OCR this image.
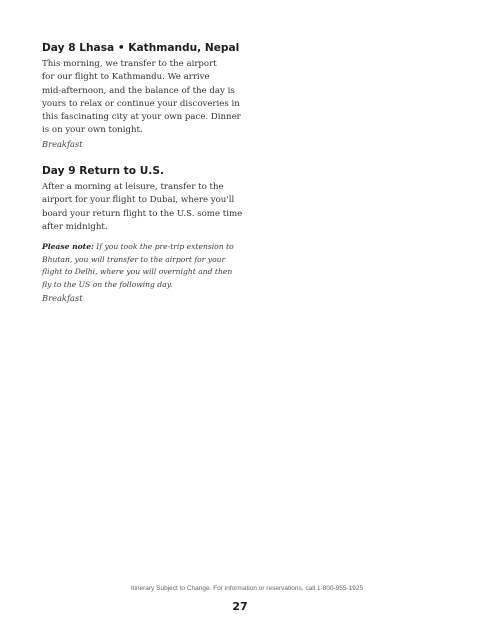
Day 8 Lhasa • Kathmandu, Nepal

This morning, we transfer to the airport
for our flight to Kathmandu. We arrive
mid-afternoon, and the balance of the day is
yours to relax or continue your discoveries in
this fascinating city at your own pace. Dinner
is on your own tonight.

Breakfast

Day 9 Return to U.S.

After a morning at leisure, transfer to the
airport for your flight to Dubai, where you'll
board your return flight to the U.S. some time
after midnight.

Please note: If you took the pre-trip extension to
Bhutan, you will transfer to the airport for your
flight to Delhi, where you will overnight and then
fly to the US on the following day.

Breakfast

Itinerary Subject to Change. For information or reservations, call 1-800-955-1925
27
